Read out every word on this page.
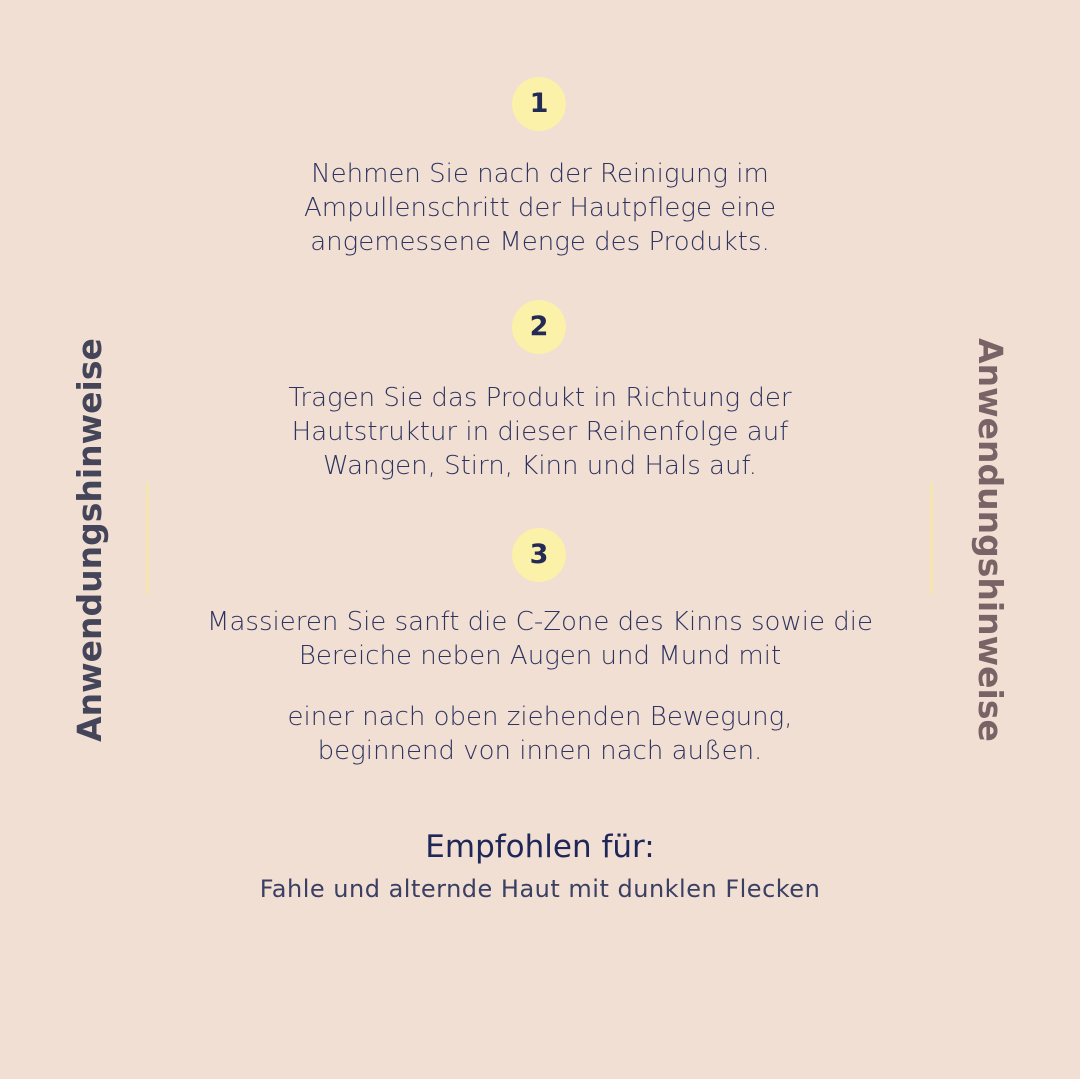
Anwendungshinweise	Anwendungshinweise
1

Nehmen Sie nach der Reinigung im
Ampullenschritt der Hautpflege eine
angemessene Menge des Produkts.

2

Tragen Sie das Produkt in Richtung der
Hautstruktur in dieser Reihenfolge auf
Wangen, Stirn, Kinn und Hals auf.

3

Massieren Sie sanft die C-Zone des Kinns sowie die
Bereiche neben Augen und Mund mit

einer nach oben ziehenden Bewegung,
beginnend von innen nach außen.

Empfohlen für:
Fahle und alternde Haut mit dunklen Flecken
